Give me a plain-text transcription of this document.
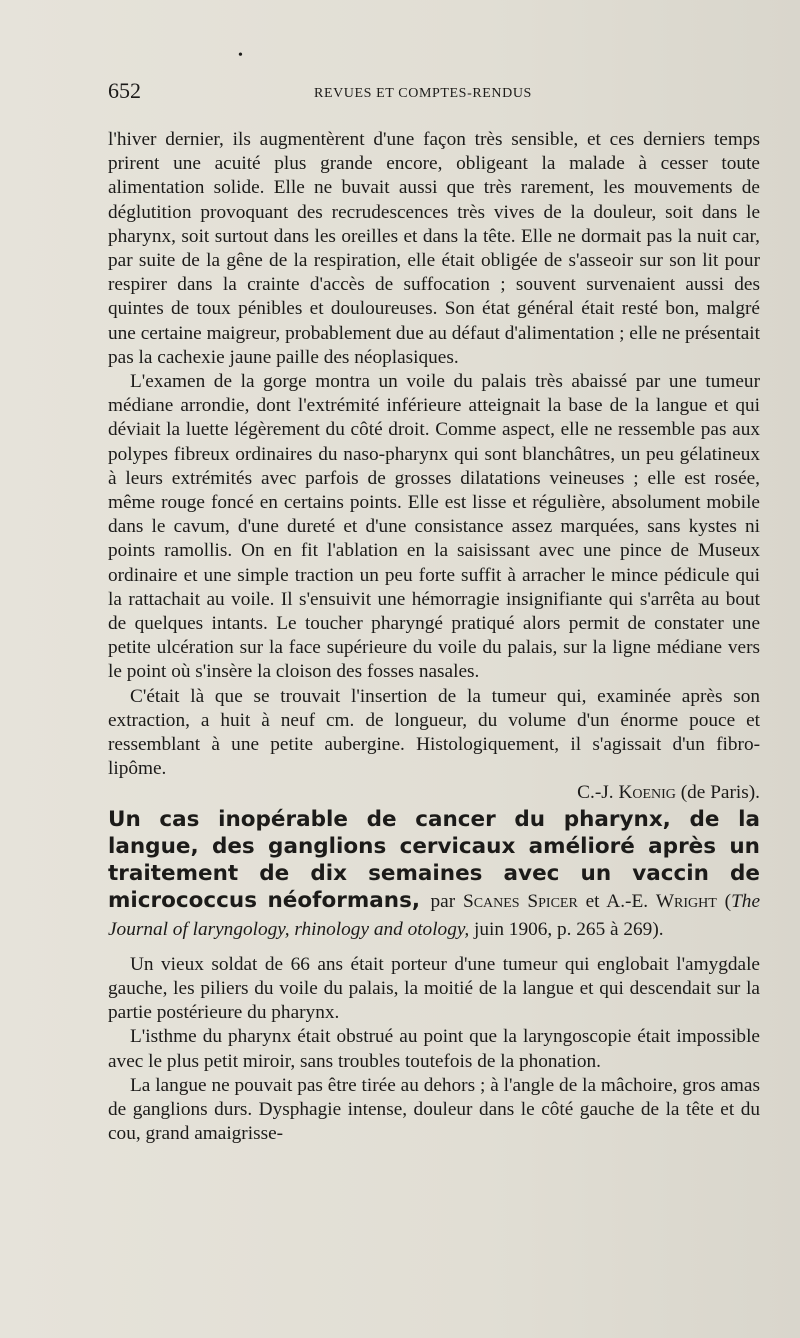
•
652	REVUES ET COMPTES-RENDUS

l'hiver dernier, ils augmentèrent d'une façon très sensible, et ces derniers temps prirent une acuité plus grande encore, obligeant la malade à cesser toute alimentation solide. Elle ne buvait aussi que très rarement, les mouvements de déglutition provoquant des recrudescences très vives de la douleur, soit dans le pharynx, soit surtout dans les oreilles et dans la tête. Elle ne dormait pas la nuit car, par suite de la gêne de la respiration, elle était obligée de s'asseoir sur son lit pour respirer dans la crainte d'accès de suffocation ; souvent survenaient aussi des quintes de toux pénibles et douloureuses. Son état général était resté bon, malgré une certaine maigreur, probablement due au défaut d'alimentation ; elle ne présentait pas la cachexie jaune paille des néoplasiques.

L'examen de la gorge montra un voile du palais très abaissé par une tumeur médiane arrondie, dont l'extrémité inférieure atteignait la base de la langue et qui déviait la luette légèrement du côté droit. Comme aspect, elle ne ressemble pas aux polypes fibreux ordinaires du naso-pharynx qui sont blanchâtres, un peu gélatineux à leurs extrémités avec parfois de grosses dilatations veineuses ; elle est rosée, même rouge foncé en certains points. Elle est lisse et régulière, absolument mobile dans le cavum, d'une dureté et d'une consistance assez marquées, sans kystes ni points ramollis. On en fit l'ablation en la saisissant avec une pince de Museux ordinaire et une simple traction un peu forte suffit à arracher le mince pédicule qui la rattachait au voile. Il s'ensuivit une hémorragie insignifiante qui s'arrêta au bout de quelques intants. Le toucher pharyngé pratiqué alors permit de constater une petite ulcération sur la face supérieure du voile du palais, sur la ligne médiane vers le point où s'insère la cloison des fosses nasales.

C'était là que se trouvait l'insertion de la tumeur qui, examinée après son extraction, a huit à neuf cm. de longueur, du volume d'un énorme pouce et ressemblant à une petite aubergine. Histologiquement, il s'agissait d'un fibro-lipôme.

C.-J. Koenig (de Paris).

Un cas inopérable de cancer du pharynx, de la langue, des ganglions cervicaux amélioré après un traitement de dix semaines avec un vaccin de micrococcus néoformans, par Scanes Spicer et A.-E. Wright (The Journal of laryngology, rhinology and otology, juin 1906, p. 265 à 269).

Un vieux soldat de 66 ans était porteur d'une tumeur qui englobait l'amygdale gauche, les piliers du voile du palais, la moitié de la langue et qui descendait sur la partie postérieure du pharynx.

L'isthme du pharynx était obstrué au point que la laryngoscopie était impossible avec le plus petit miroir, sans troubles toutefois de la phonation.

La langue ne pouvait pas être tirée au dehors ; à l'angle de la mâchoire, gros amas de ganglions durs. Dysphagie intense, douleur dans le côté gauche de la tête et du cou, grand amaigrisse-
